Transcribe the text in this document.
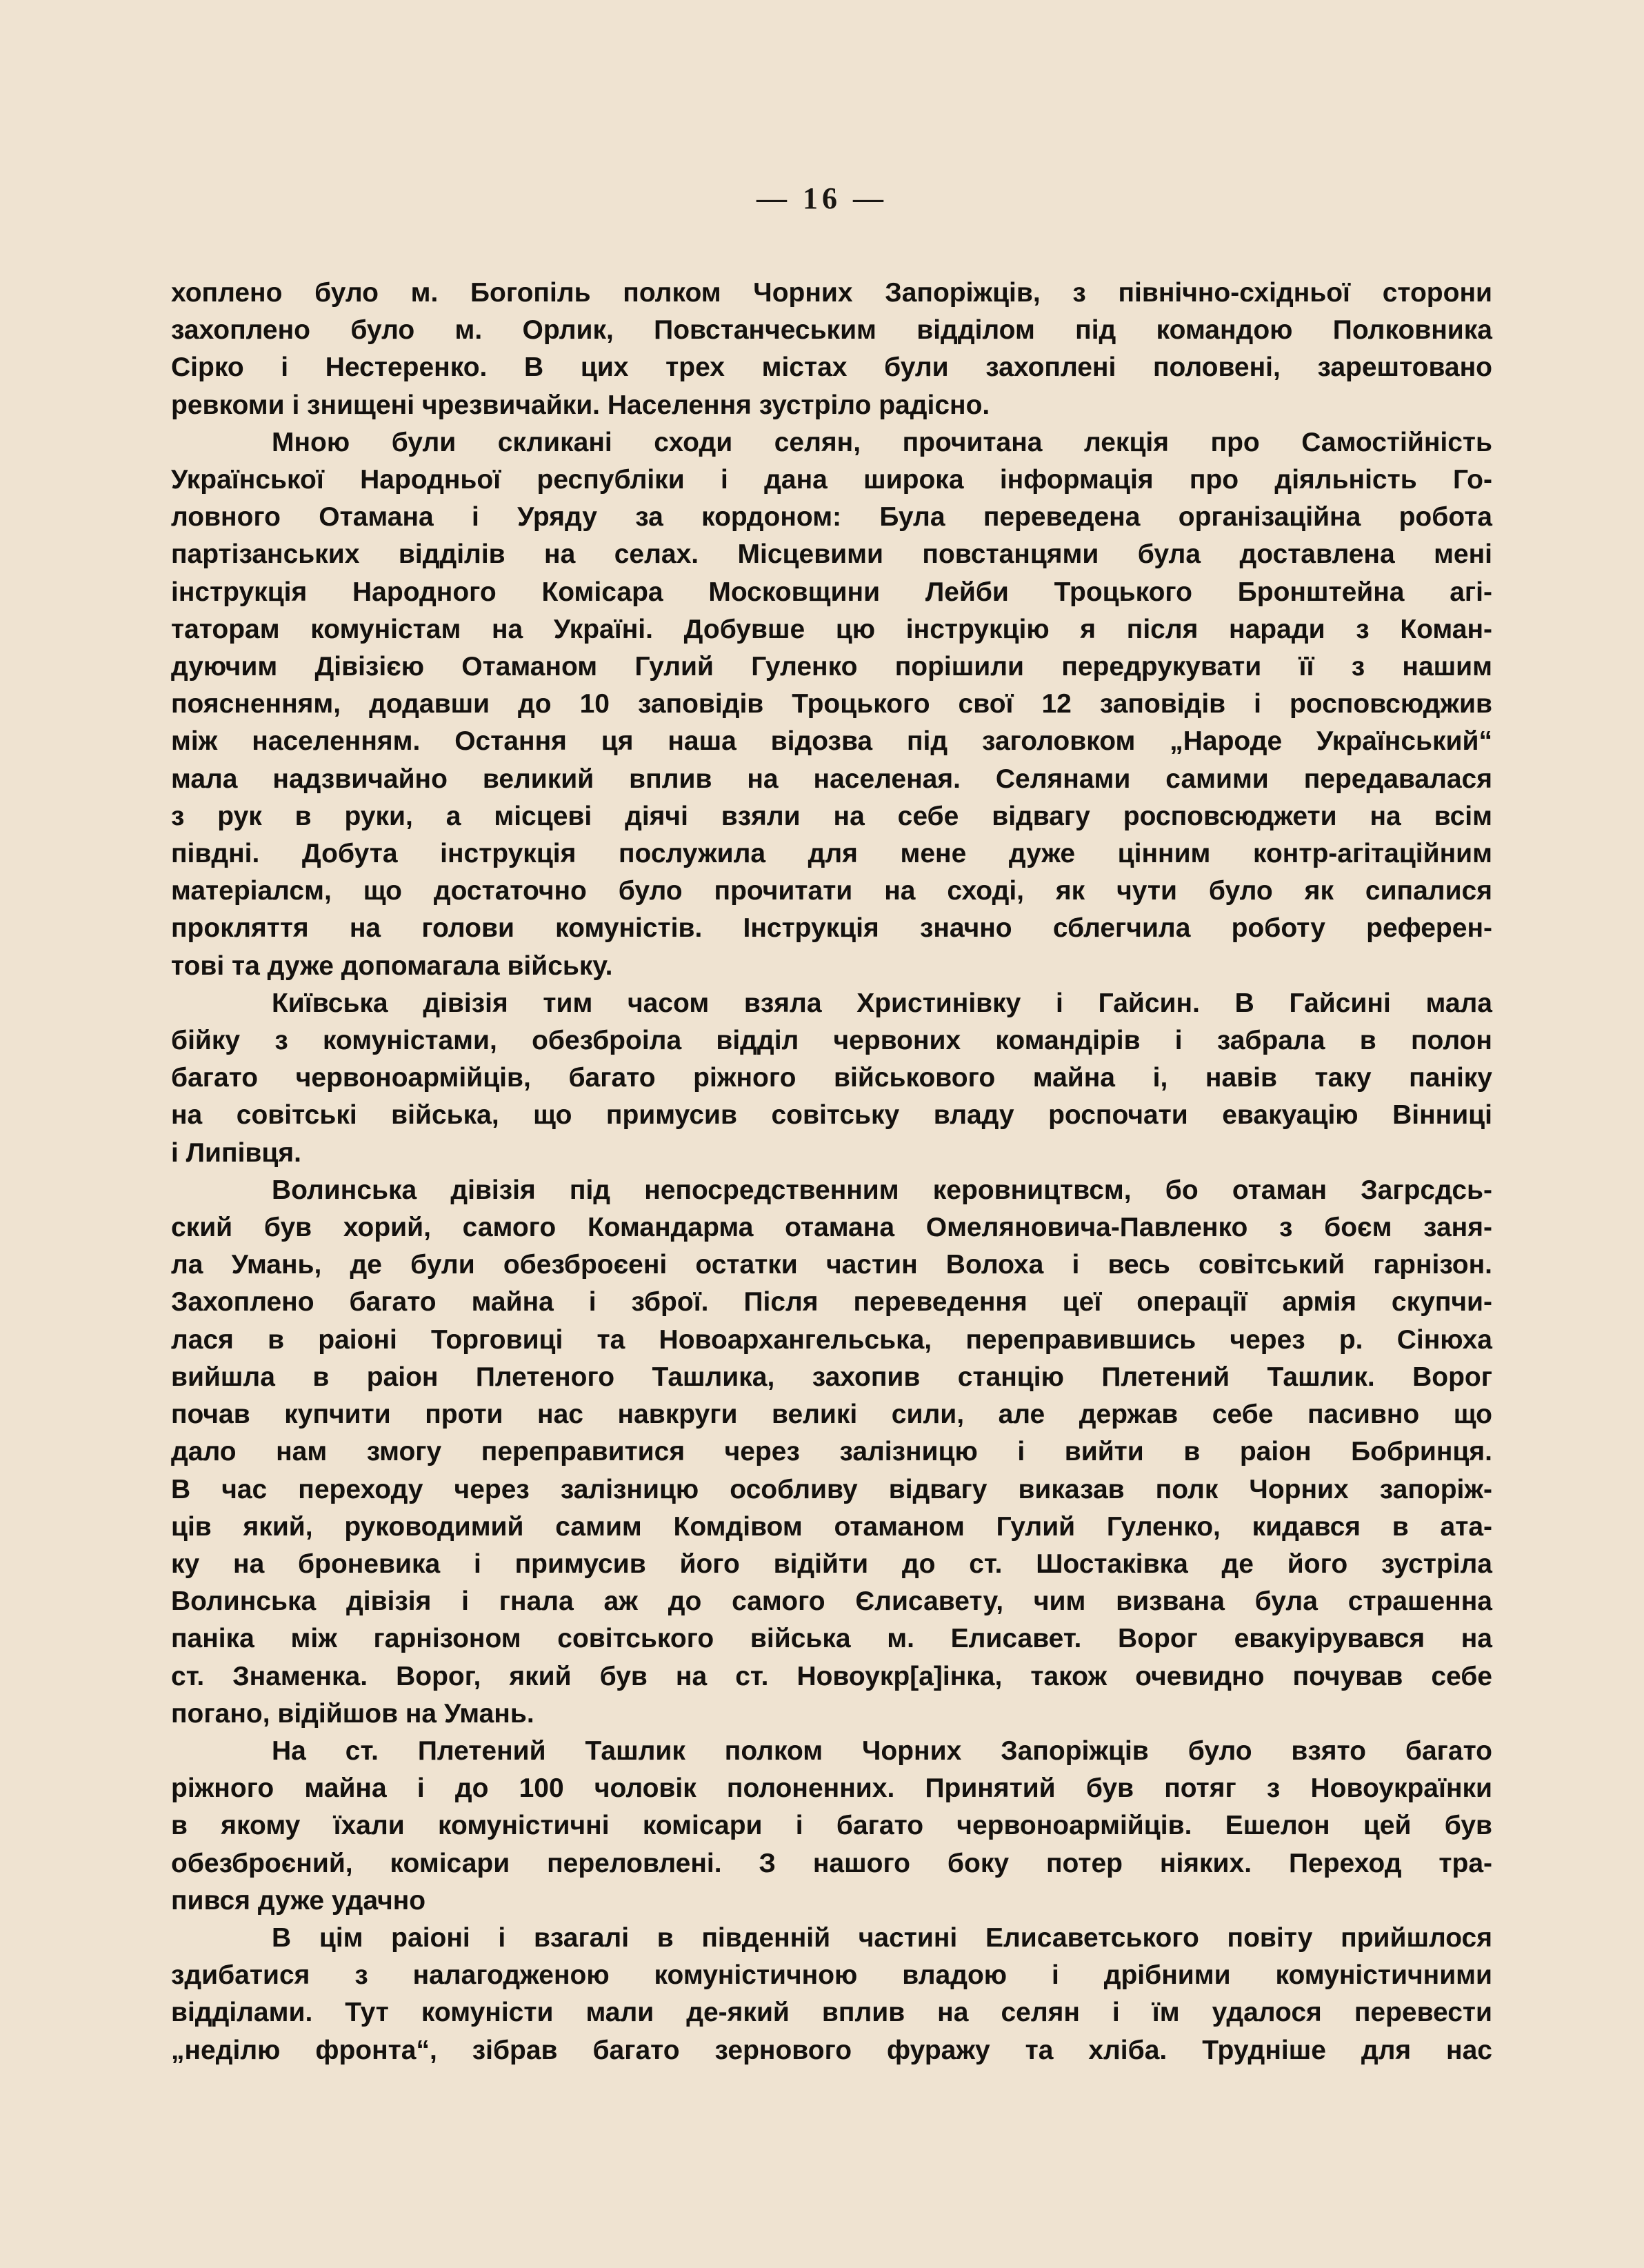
— 16 —
хоплено було м. Богопіль полком Чорних Запоріжців, з північно-східньої сторони
захоплено було м. Орлик, Повстанчеським відділом під командою Полковника
Сірко і Нестеренко. В цих трех містах були захоплені половені, зарештовано
ревкоми і знищені чрезвичайки. Населення зустріло радісно.
Мною були скликані сходи селян, прочитана лекція про Самостійність
Української Народньої республіки і дана широка інформація про діяльність Го-
ловного Отамана і Уряду за кордоном: Була переведена організаційна робота
партізанських відділів на селах. Місцевими повстанцями була доставлена мені
інструкція Народного Комісара Московщини Лейби Троцького Бронштейна агі-
таторам комуністам на Україні. Добувше цю інструкцію я після наради з Коман-
дуючим Дівізією Отаманом Гулий Гуленко порішили передрукувати її з нашим
поясненням, додавши до 10 заповідів Троцького свої 12 заповідів і росповсюджив
між населенням. Остання ця наша відозва під заголовком „Народе Український“
мала надзвичайно великий вплив на населеная. Селянами самими передавалася
з рук в руки, а місцеві діячі взяли на себе відвагу росповсюджети на всім
півдні. Добута інструкція послужила для мене дуже цінним контр-агітаційним
матеріалсм, що достаточно було прочитати на сході, як чути було як сипалися
прокляття на голови комуністів. Інструкція значно сблегчила роботу референ-
тові та дуже допомагала війську.
Київська дівізія тим часом взяла Христинівку і Гайсин. В Гайсині мала
бійку з комуністами, обезброіла відділ червоних командірів і забрала в полон
багато червоноармійців, багато ріжного військового майна і, навів таку паніку
на совітські війська, що примусив совітську владу роспочати евакуацію Вінниці
і Липівця.
Волинська дівізія під непосредственним керовництвсм, бо отаман Загрсдсь-
ский був хорий, самого Командарма отамана Омеляновича-Павленко з боєм заня-
ла Умань, де були обезброєені остатки частин Волоха і весь совітський гарнізон.
Захоплено багато майна і зброї. Після переведення цеї операції армія скупчи-
лася в раіоні Торговиці та Новоархангельська, переправившись через р. Сінюха
вийшла в раіон Плетеного Ташлика, захопив станцію Плетений Ташлик. Ворог
почав купчити проти нас навкруги великі сили, але держав себе пасивно що
дало нам змогу переправитися через залізницю і вийти в раіон Бобринця.
В час переходу через залізницю особливу відвагу виказав полк Чорних запоріж-
ців який, руководимий самим Комдівом отаманом Гулий Гуленко, кидався в ата-
ку на броневика і примусив його відійти до ст. Шостаківка де його зустріла
Волинська дівізія і гнала аж до самого Єлисавету, чим визвана була страшенна
паніка між гарнізоном совітського війська м. Елисавет. Ворог евакуірувався на
ст. Знаменка. Ворог, який був на ст. Новоукр[а]інка, також очевидно почував себе
погано, відійшов на Умань.
На ст. Плетений Ташлик полком Чорних Запоріжців було взято багато
ріжного майна і до 100 чоловік полоненних. Принятий був потяг з Новоукраїнки
в якому їхали комуністичні комісари і багато червоноармійців. Ешелон цей був
обезброєний, комісари переловлені. З нашого боку потер ніяких. Переход тра-
пився дуже удачно
В цім раіоні і взагалі в південній частині Елисаветського повіту прийшлося
здибатися з налагодженою комуністичною владою і дрібними комуністичними
відділами. Тут комуністи мали де-який вплив на селян і їм удалося перевести
„неділю фронта“, зібрав багато зернового фуражу та хліба. Трудніше для нас
